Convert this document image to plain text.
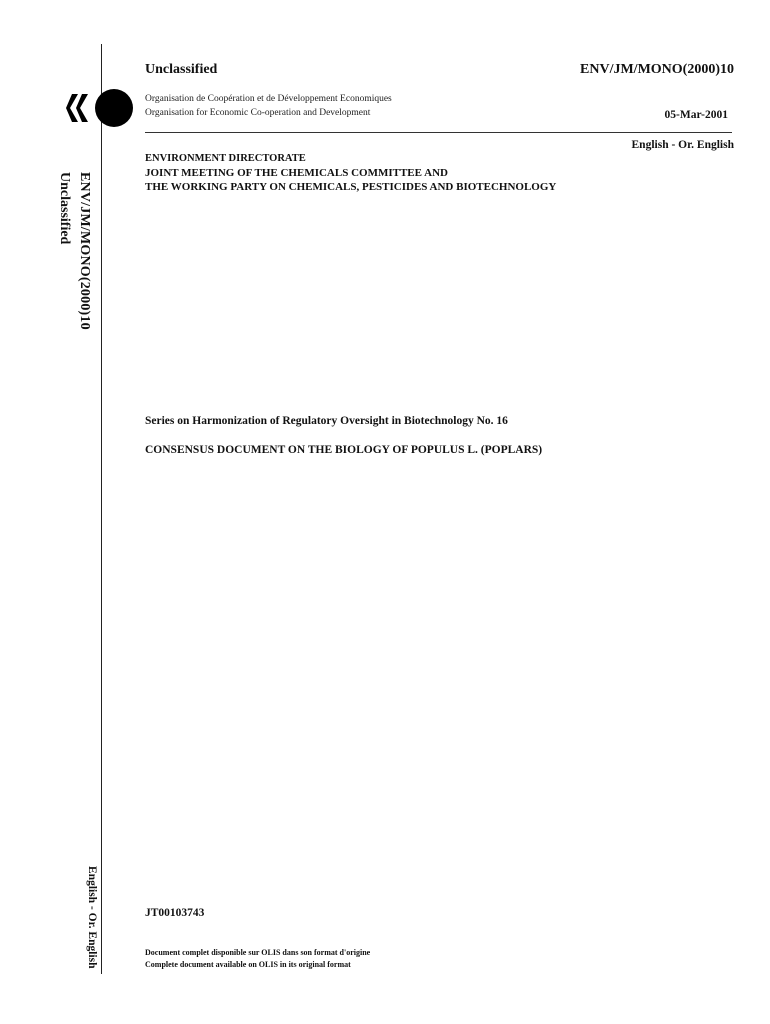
ENV/JM/MONO(2000)10
Unclassified
English - Or. English
Unclassified	ENV/JM/MONO(2000)10
Organisation de Coopération et de Développement Economiques
Organisation for Economic Co-operation and Development	05-Mar-2001
English - Or. English
ENVIRONMENT DIRECTORATE
JOINT MEETING OF THE CHEMICALS COMMITTEE AND
THE WORKING PARTY ON CHEMICALS, PESTICIDES AND BIOTECHNOLOGY
Series on Harmonization of Regulatory Oversight in Biotechnology No. 16
CONSENSUS DOCUMENT ON THE BIOLOGY OF POPULUS L. (POPLARS)
JT00103743
Document complet disponible sur OLIS dans son format d'origine
Complete document available on OLIS in its original format
